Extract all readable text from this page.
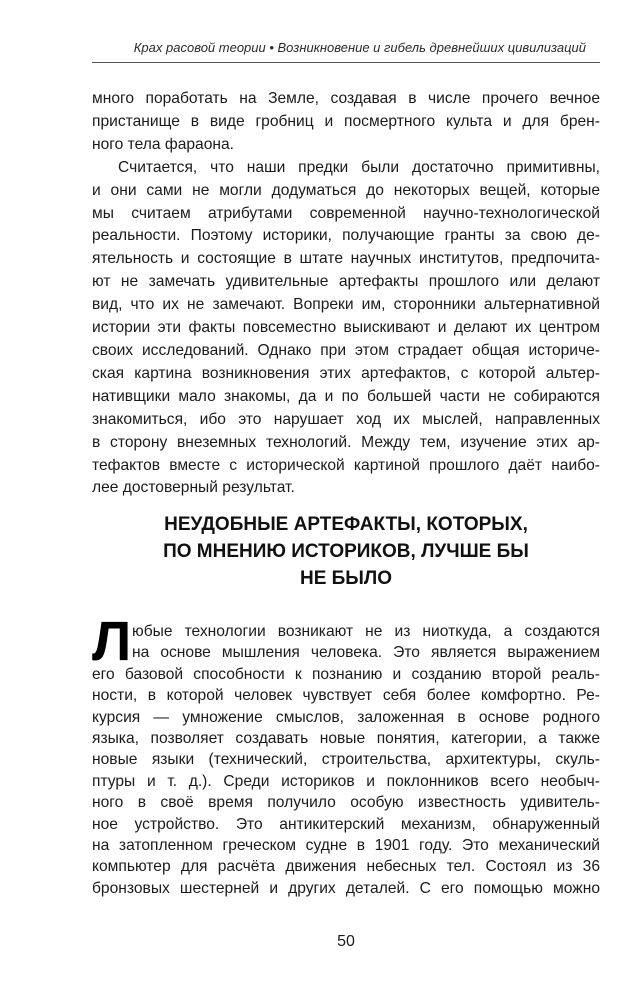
Крах расовой теории • Возникновение и гибель древнейших цивилизаций
много поработать на Земле, создавая в числе прочего вечное
пристанище в виде гробниц и посмертного культа и для брен-
ного тела фараона.
Считается, что наши предки были достаточно примитивны,
и они сами не могли додуматься до некоторых вещей, которые
мы считаем атрибутами современной научно-технологической
реальности. Поэтому историки, получающие гранты за свою де-
ятельность и состоящие в штате научных институтов, предпочита-
ют не замечать удивительные артефакты прошлого или делают
вид, что их не замечают. Вопреки им, сторонники альтернативной
истории эти факты повсеместно выискивают и делают их центром
своих исследований. Однако при этом страдает общая историче-
ская картина возникновения этих артефактов, с которой альтер-
нативщики мало знакомы, да и по большей части не собираются
знакомиться, ибо это нарушает ход их мыслей, направленных
в сторону внеземных технологий. Между тем, изучение этих ар-
тефактов вместе с исторической картиной прошлого даёт наибо-
лее достоверный результат.
НЕУДОБНЫЕ АРТЕФАКТЫ, КОТОРЫХ,
ПО МНЕНИЮ ИСТОРИКОВ, ЛУЧШЕ БЫ
НЕ БЫЛО
Л юбые технологии возникают не из ниоткуда, а создаются
на основе мышления человека. Это является выражением
его базовой способности к познанию и созданию второй реаль-
ности, в которой человек чувствует себя более комфортно. Ре-
курсия — умножение смыслов, заложенная в основе родного
языка, позволяет создавать новые понятия, категории, а также
новые языки (технический, строительства, архитектуры, скуль-
птуры и т. д.). Среди историков и поклонников всего необыч-
ного в своё время получило особую известность удивитель-
ное устройство. Это антикитерский механизм, обнаруженный
на затопленном греческом судне в 1901 году. Это механический
компьютер для расчёта движения небесных тел. Состоял из 36
бронзовых шестерней и других деталей. С его помощью можно
50
